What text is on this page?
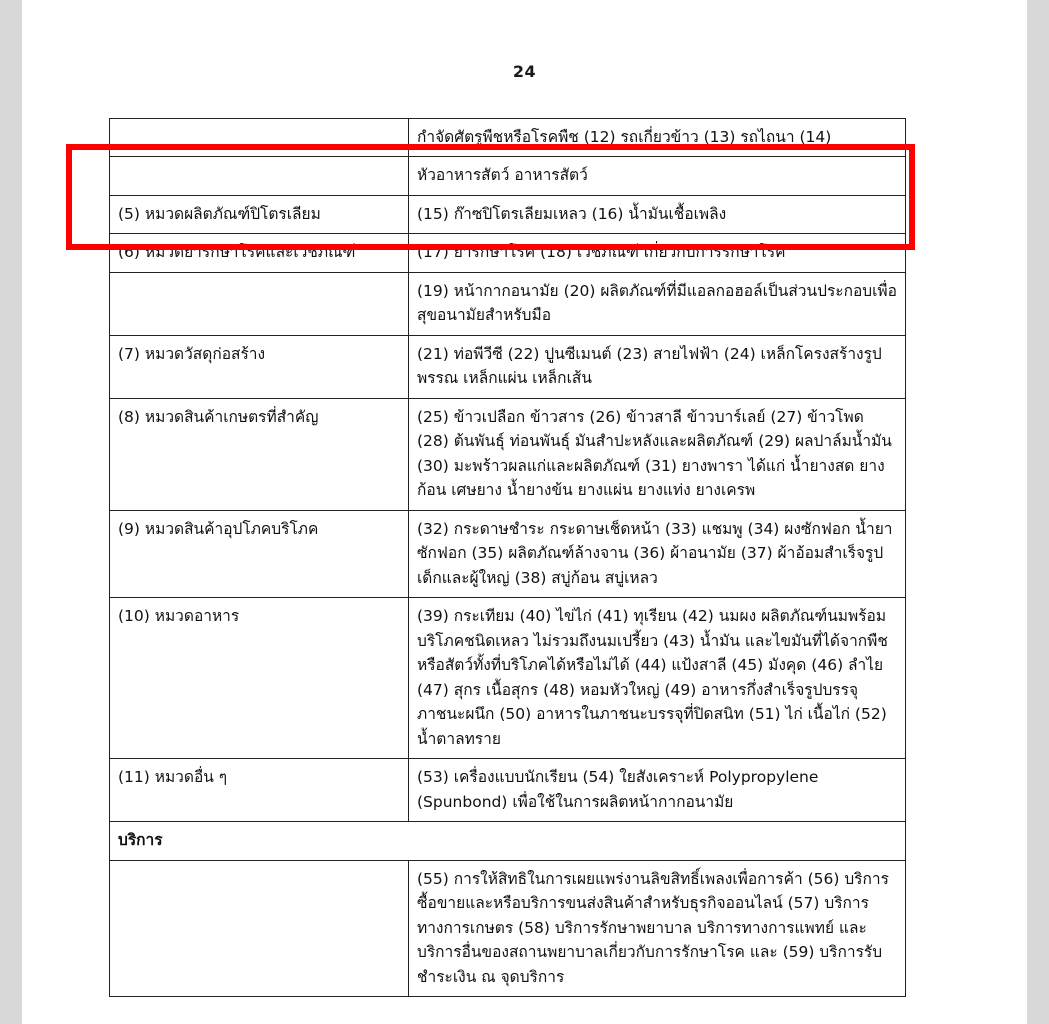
24
	กำจัดศัตรูพืชหรือโรคพืช (12) รถเกี่ยวข้าว (13) รถไถนา (14)
	หัวอาหารสัตว์ อาหารสัตว์
(5) หมวดผลิตภัณฑ์ปิโตรเลียม	(15) ก๊าซปิโตรเลียมเหลว (16) น้ำมันเชื้อเพลิง
(6) หมวดยารักษาโรคและเวชภัณฑ์	(17) ยารักษาโรค (18) เวชภัณฑ์ เกี่ยวกับการรักษาโรค
	(19) หน้ากากอนามัย (20) ผลิตภัณฑ์ที่มีแอลกอฮอล์เป็นส่วนประกอบเพื่อสุขอนามัยสำหรับมือ
(7) หมวดวัสดุก่อสร้าง	(21) ท่อพีวีซี (22) ปูนซีเมนต์ (23) สายไฟฟ้า (24) เหล็กโครงสร้างรูปพรรณ เหล็กแผ่น เหล็กเส้น
(8) หมวดสินค้าเกษตรที่สำคัญ	(25) ข้าวเปลือก ข้าวสาร (26) ข้าวสาลี ข้าวบาร์เลย์ (27) ข้าวโพด (28) ต้นพันธุ์ ท่อนพันธุ์ มันสำปะหลังและผลิตภัณฑ์ (29) ผลปาล์มน้ำมัน (30) มะพร้าวผลแก่และผลิตภัณฑ์ (31) ยางพารา ได้แก่ น้ำยางสด ยางก้อน เศษยาง น้ำยางข้น ยางแผ่น ยางแท่ง ยางเครพ
(9) หมวดสินค้าอุปโภคบริโภค	(32) กระดาษชำระ กระดาษเช็ดหน้า (33) แชมพู (34) ผงซักฟอก น้ำยาซักฟอก (35) ผลิตภัณฑ์ล้างจาน (36) ผ้าอนามัย (37) ผ้าอ้อมสำเร็จรูปเด็กและผู้ใหญ่ (38) สบู่ก้อน สบู่เหลว
(10) หมวดอาหาร	(39) กระเทียม (40) ไข่ไก่ (41) ทุเรียน (42) นมผง ผลิตภัณฑ์นมพร้อมบริโภคชนิดเหลว ไม่รวมถึงนมเปรี้ยว (43) น้ำมัน และไขมันที่ได้จากพืชหรือสัตว์ทั้งที่บริโภคได้หรือไม่ได้ (44) แป้งสาลี (45) มังคุด (46) ลำไย (47) สุกร เนื้อสุกร (48) หอมหัวใหญ่ (49) อาหารกึ่งสำเร็จรูปบรรจุภาชนะผนึก (50) อาหารในภาชนะบรรจุที่ปิดสนิท (51) ไก่ เนื้อไก่ (52) น้ำตาลทราย
(11) หมวดอื่น ๆ	(53) เครื่องแบบนักเรียน (54) ใยสังเคราะห์ Polypropylene (Spunbond) เพื่อใช้ในการผลิตหน้ากากอนามัย
บริการ	
	(55) การให้สิทธิในการเผยแพร่งานลิขสิทธิ์เพลงเพื่อการค้า (56) บริการซื้อขายและหรือบริการขนส่งสินค้าสำหรับธุรกิจออนไลน์ (57) บริการทางการเกษตร (58) บริการรักษาพยาบาล บริการทางการแพทย์ และบริการอื่นของสถานพยาบาลเกี่ยวกับการรักษาโรค และ (59) บริการรับชำระเงิน ณ จุดบริการ
